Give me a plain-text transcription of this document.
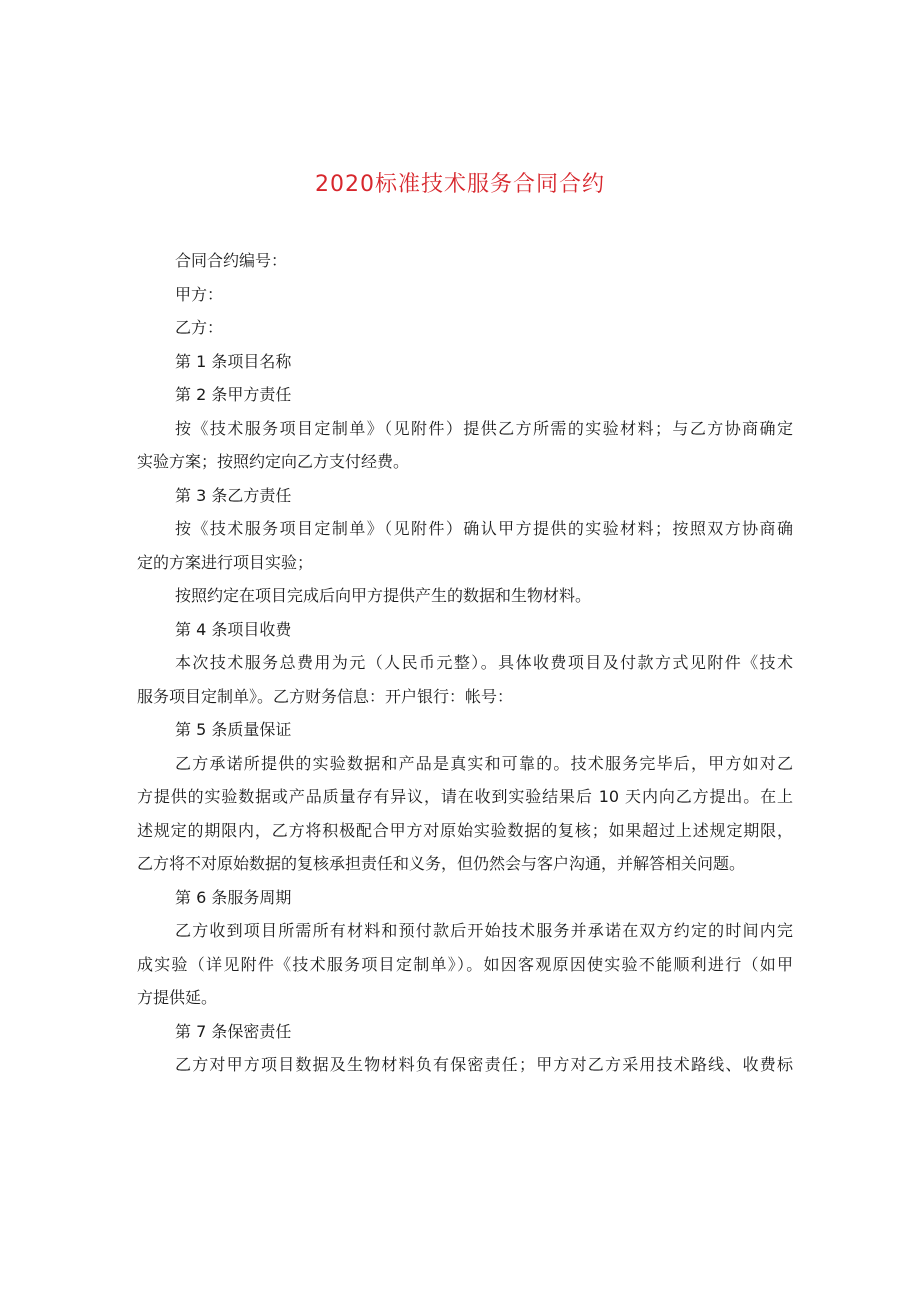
2020标准技术服务合同合约
合同合约编号：
甲方：
乙方：
第 1 条项目名称
第 2 条甲方责任
按《技术服务项目定制单》（见附件）提供乙方所需的实验材料；与乙方协商确定
实验方案；按照约定向乙方支付经费。
第 3 条乙方责任
按《技术服务项目定制单》（见附件）确认甲方提供的实验材料；按照双方协商确
定的方案进行项目实验；
按照约定在项目完成后向甲方提供产生的数据和生物材料。
第 4 条项目收费
本次技术服务总费用为元（人民币元整）。具体收费项目及付款方式见附件《技术
服务项目定制单》。乙方财务信息：开户银行：帐号：
第 5 条质量保证
乙方承诺所提供的实验数据和产品是真实和可靠的。技术服务完毕后，甲方如对乙
方提供的实验数据或产品质量存有异议，请在收到实验结果后 10 天内向乙方提出。在上
述规定的期限内，乙方将积极配合甲方对原始实验数据的复核；如果超过上述规定期限，
乙方将不对原始数据的复核承担责任和义务，但仍然会与客户沟通，并解答相关问题。
第 6 条服务周期
乙方收到项目所需所有材料和预付款后开始技术服务并承诺在双方约定的时间内完
成实验（详见附件《技术服务项目定制单》）。如因客观原因使实验不能顺利进行（如甲
方提供延。
第 7 条保密责任
乙方对甲方项目数据及生物材料负有保密责任；甲方对乙方采用技术路线、收费标
